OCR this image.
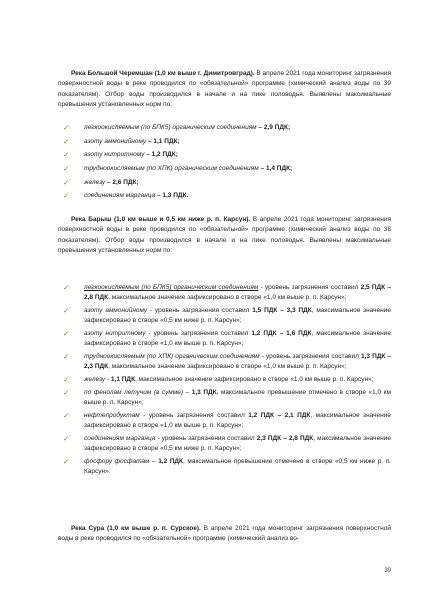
Река Большой Черемшан (1,0 км выше г. Димитровград). В апреле 2021 года мониторинг загрязнения поверхностной воды в реке проводился по «обязательной» программе (химический анализ воды по 39 показателям). Отбор воды производился в начале и на пике половодья. Выявлены максимальные превышения установленных норм по:

✓ легкоокисляемым (по БПК5) органическим соединениям – 2,9 ПДК;
✓ азоту аммонийному – 1,1 ПДК;
✓ азоту нитритному – 1,2 ПДК;
✓ трудноокисляемым (по ХПК) органическим соединениям – 1,4 ПДК;
✓ железу – 2,6 ПДК;
✓ соединениям марганца – 1,3 ПДК.

Река Барыш (1,0 км выше и 0,5 км ниже р. п. Карсун). В апреле 2021 года мониторинг загрязнения поверхностной воды в реке проводился по «обязательной» программе (химический анализ воды по 38 показателям). Отбор воды производился в начале и на пике половодья. Выявлены максимальные превышения установленных норм по:

✓ легкоокисляемым (по БПК5) органическим соединениям - уровень загрязнения составил 2,5 ПДК – 2,8 ПДК, максимальное значение зафиксировано в створе «1,0 км выше р. п. Карсун»;
✓ азоту аммонийному - уровень загрязнения составил 1,5 ПДК – 3,3 ПДК, максимальное значение зафиксировано в створе «0,5 км ниже р. п. Карсун»;
✓ азоту нитритному - уровень загрязнения составил 1,2 ПДК – 1,6 ПДК, максимальное значение зафиксировано в створе «1,0 км выше р. п. Карсун»;
✓ трудноокисляемым (по ХПК) органическим соединениям - уровень загрязнения составил 1,3 ПДК – 2,3 ПДК, максимальное значение зафиксировано в створе «1,0 км выше р. п. Карсун»;
✓ железу - 1,1 ПДК, максимальное значение зафиксировано в створе «1,0 км выше р. п. Карсун»;
✓ по фенолам летучим (в сумме) – 1,3 ПДК, максимальное превышение отмечено в створе «1,0 км выше р. п. Карсун»;
✓ нефтепродуктам - уровень загрязнения составил 1,2 ПДК – 2,1 ПДК, максимальное значение зафиксировано в створе «1,0 км выше р. п. Карсун»;
✓ соединениям марганца - уровень загрязнения составил 2,3 ПДК – 2,8 ПДК, максимальное значение зафиксировано в створе «0,5 км ниже р. п. Карсун»;
✓ фосфору фосфатам – 1,2 ПДК, максимальное превышение отмечено в створе «0,5 км ниже р. п. Карсун».

Река Сура (1,0 км выше р. п. Сурское). В апреле 2021 года мониторинг загрязнения поверхностной воды в реке проводился по «обязательной» программе (химический анализ во-

39
